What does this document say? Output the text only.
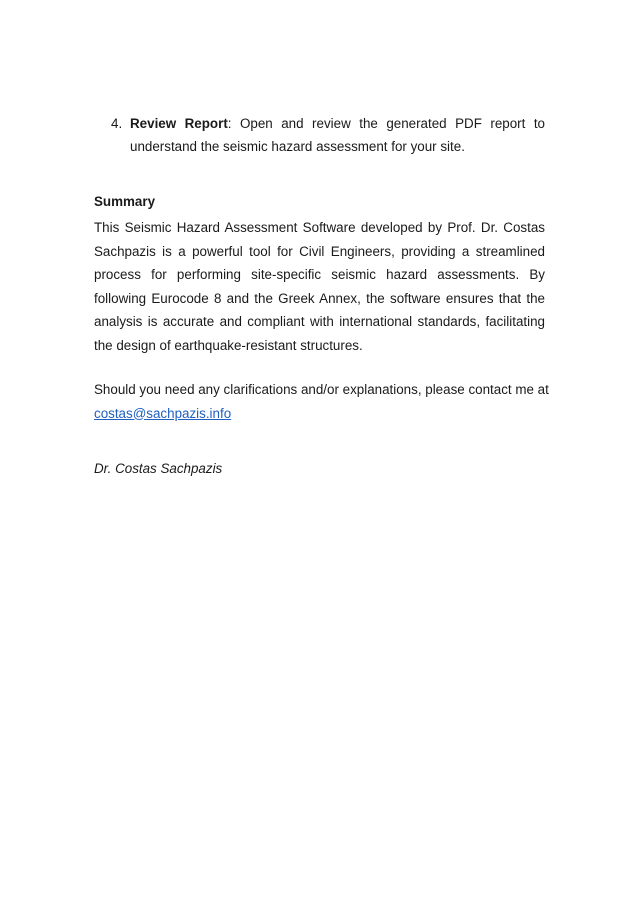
4. Review Report: Open and review the generated PDF report to understand the seismic hazard assessment for your site.
Summary
This Seismic Hazard Assessment Software developed by Prof. Dr. Costas Sachpazis is a powerful tool for Civil Engineers, providing a streamlined process for performing site-specific seismic hazard assessments. By following Eurocode 8 and the Greek Annex, the software ensures that the analysis is accurate and compliant with international standards, facilitating the design of earthquake-resistant structures.
Should you need any clarifications and/or explanations, please contact me at
costas@sachpazis.info
Dr. Costas Sachpazis
